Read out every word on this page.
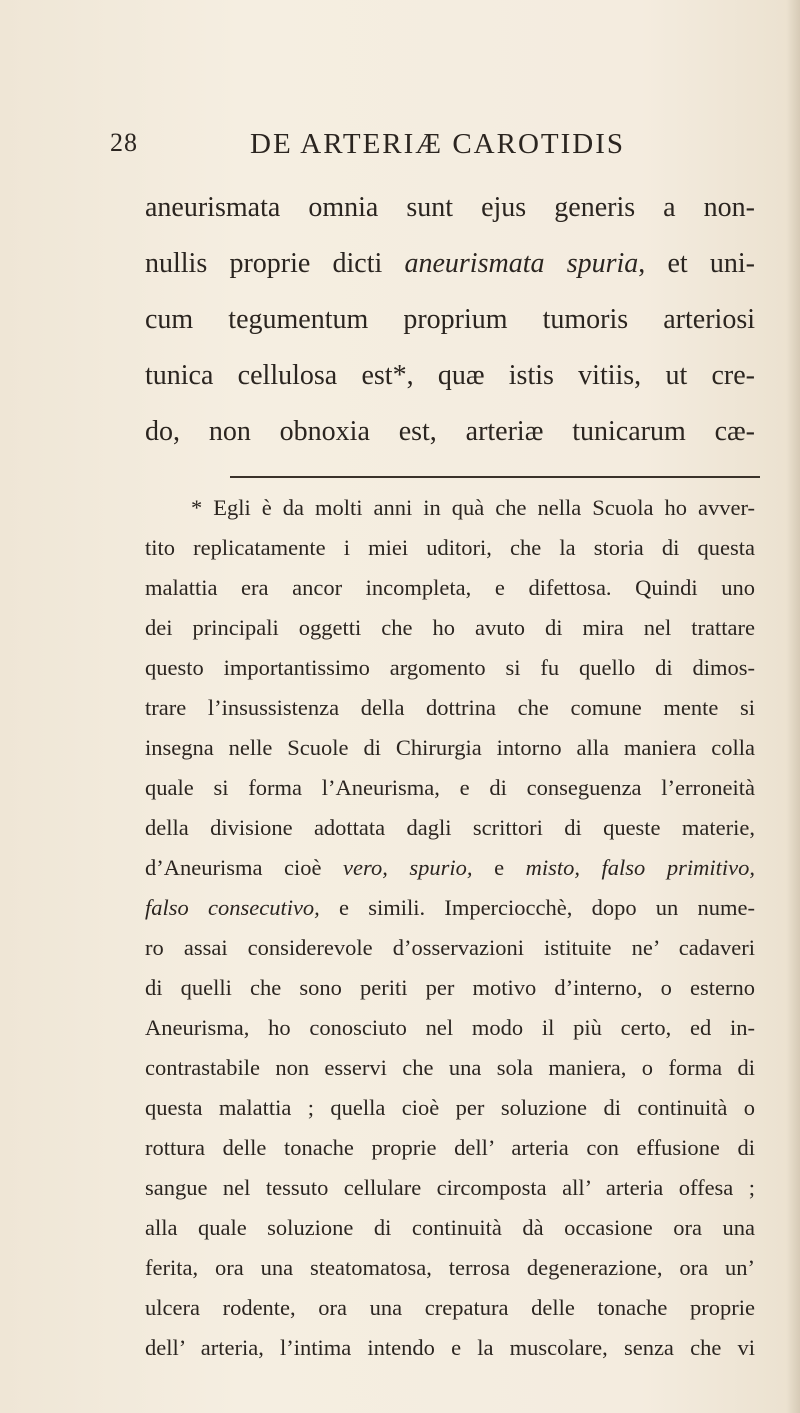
28	DE ARTERIÆ CAROTIDIS
aneurismata omnia sunt ejus generis a non-
nullis proprie dicti aneurismata spuria, et uni-
cum tegumentum proprium tumoris arteriosi
tunica cellulosa est*, quæ istis vitiis, ut cre-
do, non obnoxia est, arteriæ tunicarum cæ-
* Egli è da molti anni in quà che nella Scuola ho avver-
tito replicatamente i miei uditori, che la storia di questa
malattia era ancor incompleta, e difettosa. Quindi uno
dei principali oggetti che ho avuto di mira nel trattare
questo importantissimo argomento si fu quello di dimos-
trare l’insussistenza della dottrina che comune mente si
insegna nelle Scuole di Chirurgia intorno alla maniera colla
quale si forma l’Aneurisma, e di conseguenza l’erroneità
della divisione adottata dagli scrittori di queste materie,
d’Aneurisma cioè vero, spurio, e misto, falso primitivo,
falso consecutivo, e simili. Imperciocchè, dopo un nume-
ro assai considerevole d’osservazioni istituite ne’ cadaveri
di quelli che sono periti per motivo d’interno, o esterno
Aneurisma, ho conosciuto nel modo il più certo, ed in-
contrastabile non esservi che una sola maniera, o forma di
questa malattia ; quella cioè per soluzione di continuità o
rottura delle tonache proprie dell’ arteria con effusione di
sangue nel tessuto cellulare circomposta all’ arteria offesa ;
alla quale soluzione di continuità dà occasione ora una
ferita, ora una steatomatosa, terrosa degenerazione, ora un’
ulcera rodente, ora una crepatura delle tonache proprie
dell’ arteria, l’intima intendo e la muscolare, senza che vi
